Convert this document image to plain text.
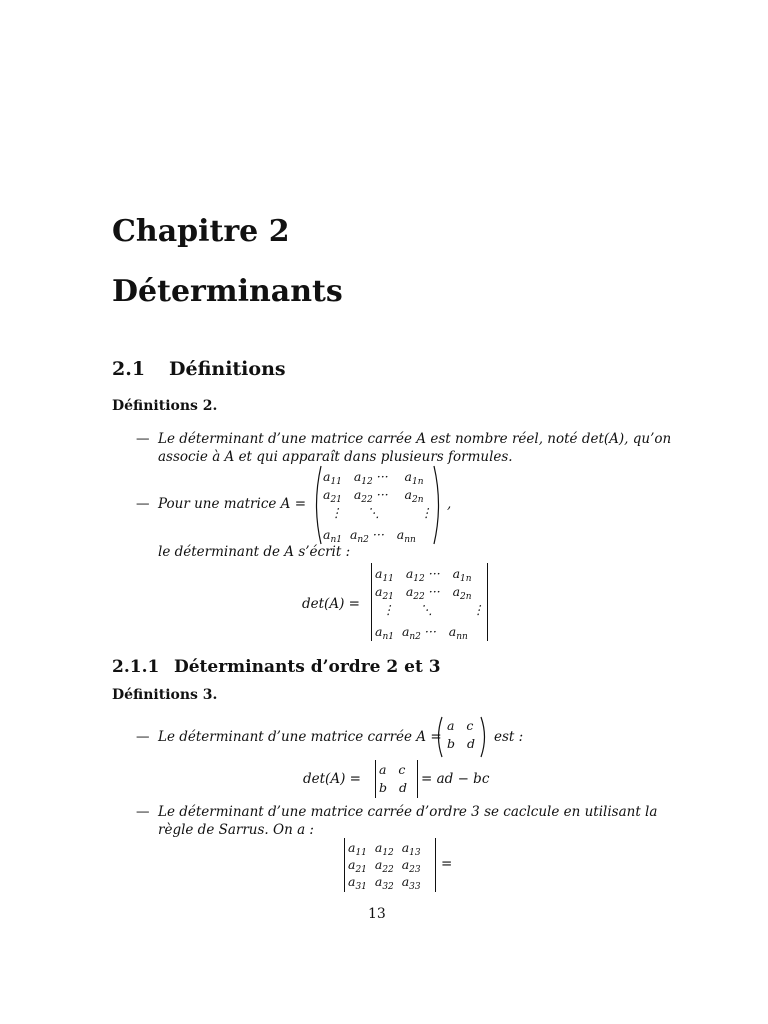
Chapitre 2
Déterminants
2.1 Définitions
Définitions 2.
— Le déterminant d’une matrice carrée A est nombre réel, noté det(A), qu’on
associe à A et qui apparaît dans plusieurs formules.
— Pour une matrice A =
$a_{11}$ $a_{12}$ ··· $a_{1n}$
$a_{21}$ $a_{22}$ ··· $a_{2n}$
⋮ ⋱	⋮
$a_{n1}$ $a_{n2}$ ··· $a_{nn}$
,
le déterminant de A s’écrit :
det(A) =
$a_{11}$ $a_{12}$ ··· $a_{1n}$
$a_{21}$ $a_{22}$ ··· $a_{2n}$
⋮ ⋱	⋮
$a_{n1}$ $a_{n2}$ ··· $a_{nn}$
2.1.1 Déterminants d’ordre 2 et 3
Définitions 3.
— Le déterminant d’une matrice carrée A =
a c
b d est :
det(A) =
a c
b d
= ad − bc
— Le déterminant d’une matrice carrée d’ordre 3 se caclcule en utilisant la
règle de Sarrus. On a :
$a_{11}$ $a_{12}$ $a_{13}$
$a_{21}$ $a_{22}$ $a_{23}$
$a_{31}$ $a_{32}$ $a_{33}$
=
13
